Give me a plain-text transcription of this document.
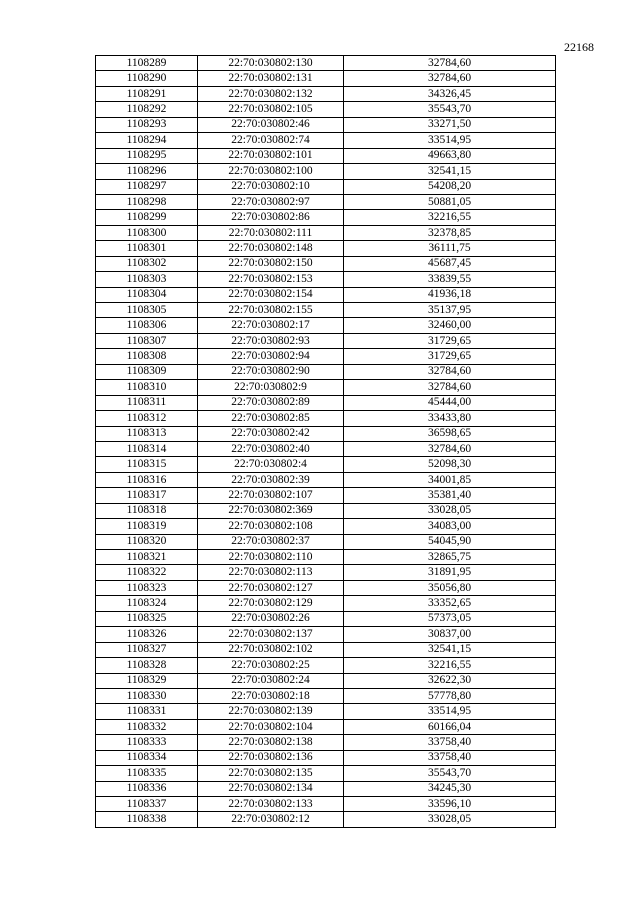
22168
1108289	22:70:030802:130	32784,60
1108290	22:70:030802:131	32784,60
1108291	22:70:030802:132	34326,45
1108292	22:70:030802:105	35543,70
1108293	22:70:030802:46	33271,50
1108294	22:70:030802:74	33514,95
1108295	22:70:030802:101	49663,80
1108296	22:70:030802:100	32541,15
1108297	22:70:030802:10	54208,20
1108298	22:70:030802:97	50881,05
1108299	22:70:030802:86	32216,55
1108300	22:70:030802:111	32378,85
1108301	22:70:030802:148	36111,75
1108302	22:70:030802:150	45687,45
1108303	22:70:030802:153	33839,55
1108304	22:70:030802:154	41936,18
1108305	22:70:030802:155	35137,95
1108306	22:70:030802:17	32460,00
1108307	22:70:030802:93	31729,65
1108308	22:70:030802:94	31729,65
1108309	22:70:030802:90	32784,60
1108310	22:70:030802:9	32784,60
1108311	22:70:030802:89	45444,00
1108312	22:70:030802:85	33433,80
1108313	22:70:030802:42	36598,65
1108314	22:70:030802:40	32784,60
1108315	22:70:030802:4	52098,30
1108316	22:70:030802:39	34001,85
1108317	22:70:030802:107	35381,40
1108318	22:70:030802:369	33028,05
1108319	22:70:030802:108	34083,00
1108320	22:70:030802:37	54045,90
1108321	22:70:030802:110	32865,75
1108322	22:70:030802:113	31891,95
1108323	22:70:030802:127	35056,80
1108324	22:70:030802:129	33352,65
1108325	22:70:030802:26	57373,05
1108326	22:70:030802:137	30837,00
1108327	22:70:030802:102	32541,15
1108328	22:70:030802:25	32216,55
1108329	22:70:030802:24	32622,30
1108330	22:70:030802:18	57778,80
1108331	22:70:030802:139	33514,95
1108332	22:70:030802:104	60166,04
1108333	22:70:030802:138	33758,40
1108334	22:70:030802:136	33758,40
1108335	22:70:030802:135	35543,70
1108336	22:70:030802:134	34245,30
1108337	22:70:030802:133	33596,10
1108338	22:70:030802:12	33028,05
